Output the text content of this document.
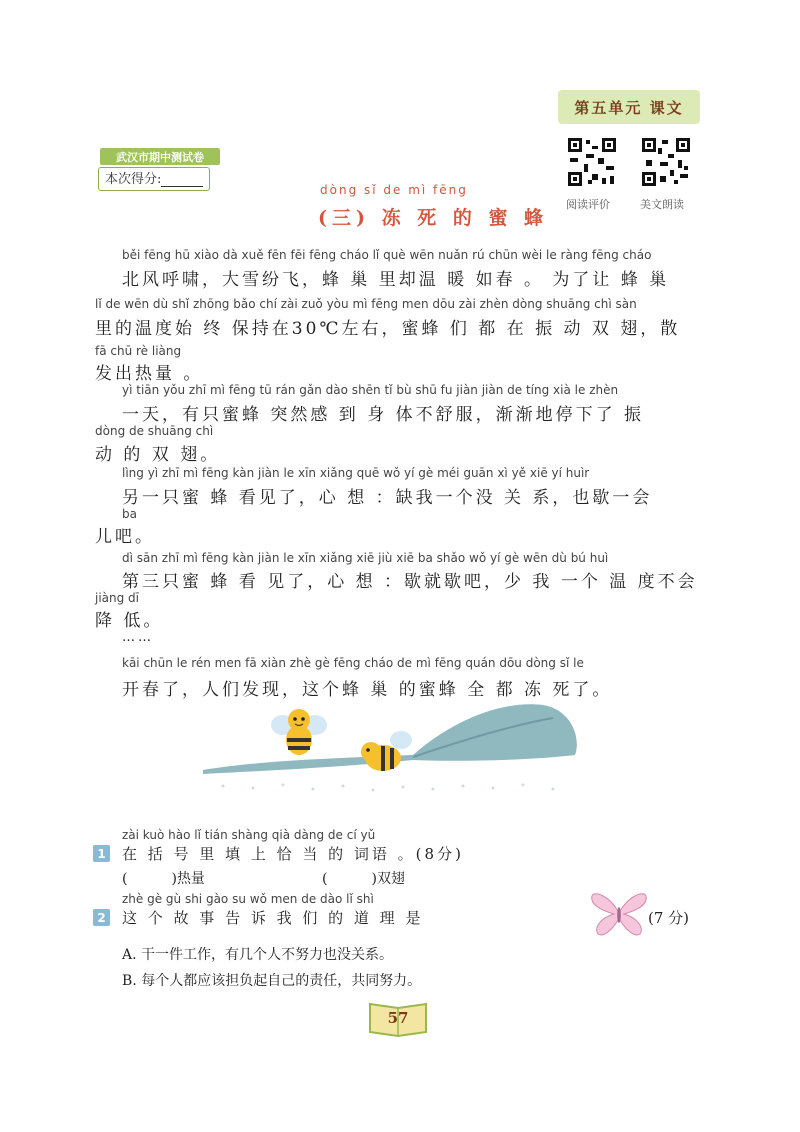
第五单元 课文
阅读评价	美文朗读
武汉市期中测试卷
本次得分:
dòng sǐ de mì fēng
(三) 冻 死 的 蜜 蜂
běi fēng hū xiào dà xuě fēn fēi fēng cháo lǐ què wēn nuǎn rú chūn wèi le ràng fēng cháo
北风呼啸，大雪纷飞，蜂 巢 里却温 暖 如春 。 为了让 蜂 巢
lǐ de wēn dù shǐ zhōng bǎo chí zài zuǒ yòu mì fēng men dōu zài zhèn dòng shuāng chì sàn
里的温度始 终 保持在30℃左右，蜜蜂 们 都 在 振 动 双 翅，散
fā chū rè liàng
发出热量 。
yì tiān yǒu zhī mì fēng tū rán gǎn dào shēn tǐ bù shū fu jiàn jiàn de tíng xià le zhèn
一天，有只蜜蜂 突然感 到 身 体不舒服，渐渐地停下了 振
dòng de shuāng chì
动 的 双 翅。
lìng yì zhī mì fēng kàn jiàn le xīn xiǎng quē wǒ yí gè méi guān xì yě xiē yí huìr
另一只蜜 蜂 看见了，心 想 ：缺我一个没 关 系，也歇一会
ba
儿吧。
dì sān zhī mì fēng kàn jiàn le xīn xiǎng xiē jiù xiē ba shǎo wǒ yí gè wēn dù bú huì
第三只蜜 蜂 看 见了，心 想 ：歇就歇吧，少 我 一个 温 度不会
jiàng dī
降 低。
……
kāi chūn le rén men fā xiàn zhè gè fēng cháo de mì fēng quán dōu dòng sǐ le
开春了，人们发现，这个蜂 巢 的蜜蜂 全 都 冻 死了。
zài kuò hào lǐ tián shàng qià dàng de cí yǔ
1 在 括 号 里 填 上 恰 当 的 词语 。(8分)
(	)热量	(	)双翅
zhè gè gù shi gào su wǒ men de dào lǐ shì
2 这 个 故 事 告 诉 我 们 的 道 理 是	(7 分)
A. 干一件工作，有几个人不努力也没关系。
B. 每个人都应该担负起自己的责任，共同努力。
57
